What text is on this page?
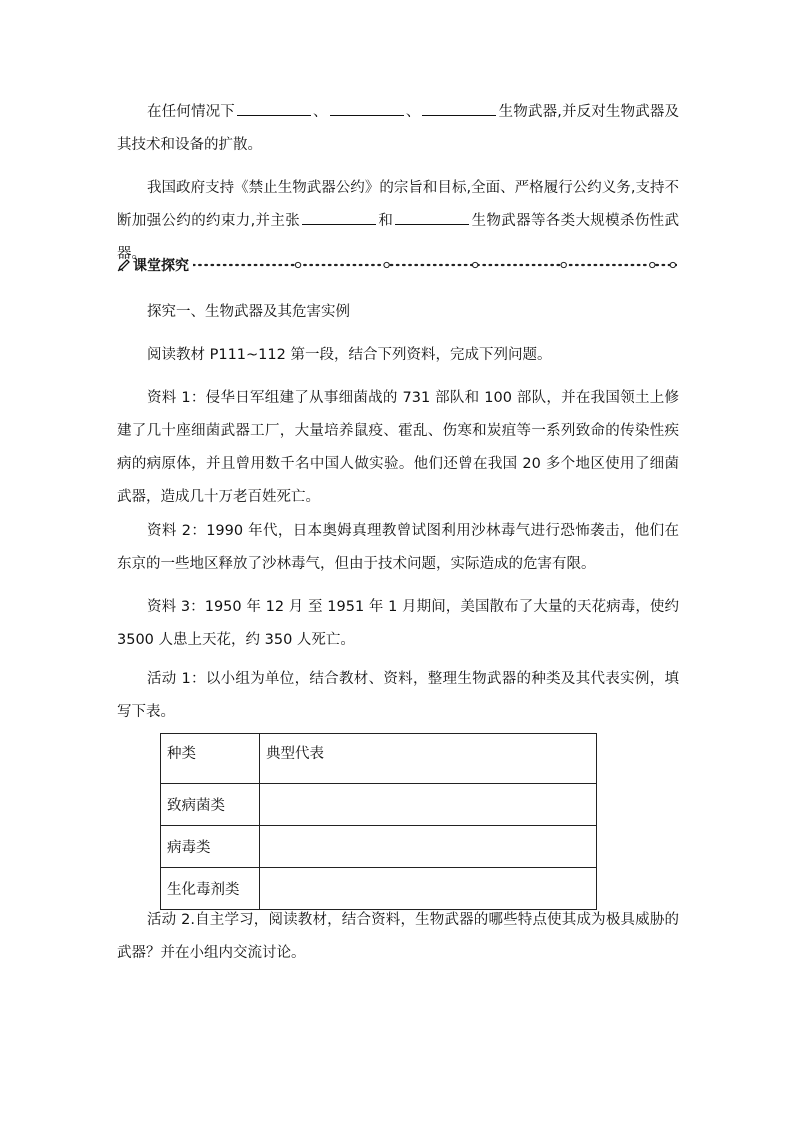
在任何情况下	、	、	生物武器,并反对生物武器及其技术和设备的扩散。

我国政府支持《禁止生物武器公约》的宗旨和目标,全面、严格履行公约义务,支持不断加强公约的约束力,并主张	和	生物武器等各类大规模杀伤性武器。

课堂探究

探究一、生物武器及其危害实例

阅读教材 P111~112 第一段，结合下列资料，完成下列问题。

资料 1：侵华日军组建了从事细菌战的 731 部队和 100 部队，并在我国领土上修建了几十座细菌武器工厂，大量培养鼠疫、霍乱、伤寒和炭疽等一系列致命的传染性疾病的病原体，并且曾用数千名中国人做实验。他们还曾在我国 20 多个地区使用了细菌武器，造成几十万老百姓死亡。

资料 2：1990 年代，日本奥姆真理教曾试图利用沙林毒气进行恐怖袭击，他们在东京的一些地区释放了沙林毒气，但由于技术问题，实际造成的危害有限。

资料 3：1950 年 12 月 至 1951 年 1 月期间，美国散布了大量的天花病毒，使约 3500 人患上天花，约 350 人死亡。

活动 1：以小组为单位，结合教材、资料，整理生物武器的种类及其代表实例，填写下表。

种类	典型代表
致病菌类	
病毒类	
生化毒剂类	

活动 2.自主学习，阅读教材，结合资料，生物武器的哪些特点使其成为极具威胁的武器？并在小组内交流讨论。
